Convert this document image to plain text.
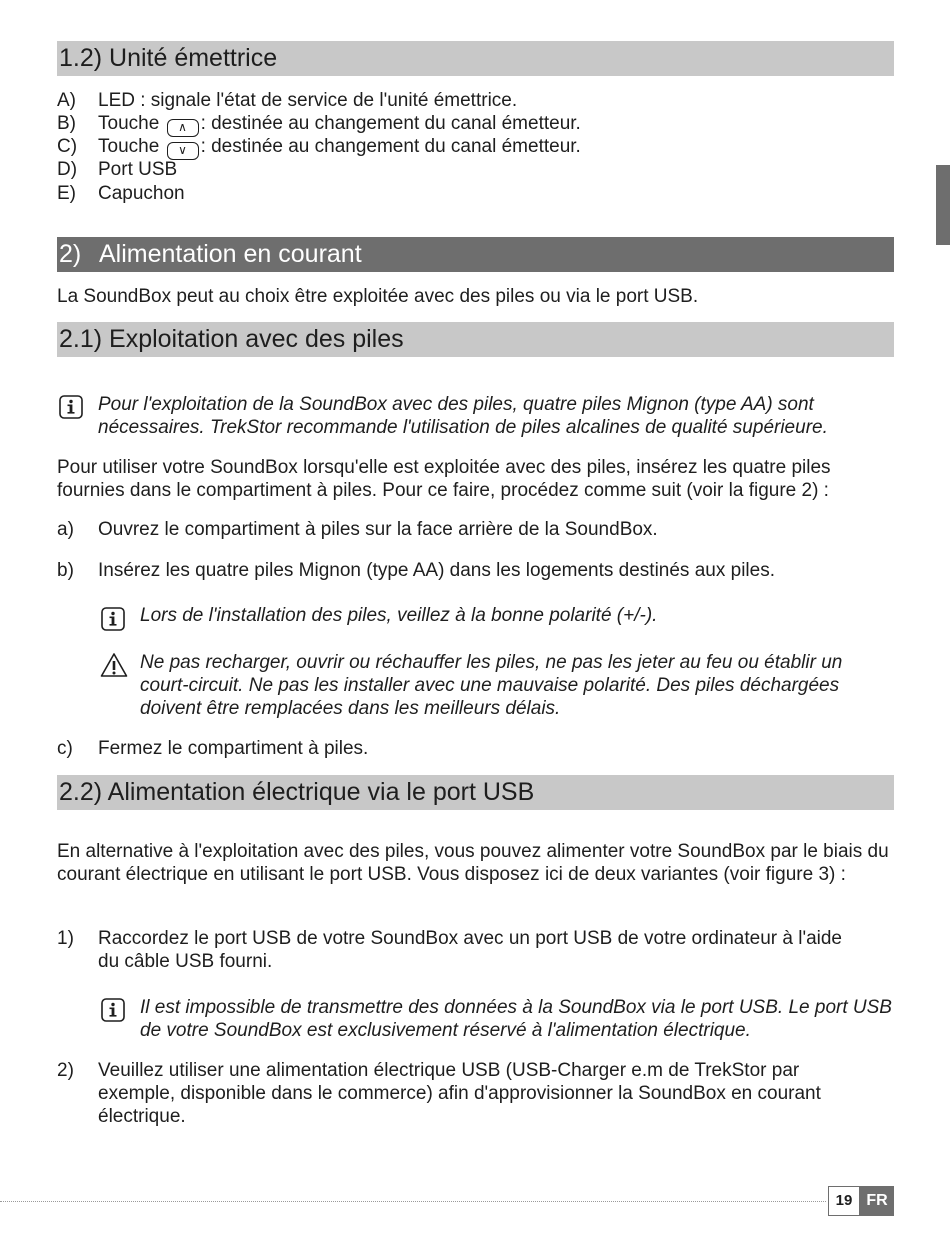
1.2) Unité émettrice
A) LED : signale l'état de service de l'unité émettrice.
B) Touche ∧ : destinée au changement du canal émetteur.
C) Touche ∨ : destinée au changement du canal émetteur.
D) Port USB
E) Capuchon
2) Alimentation en courant
La SoundBox peut au choix être exploitée avec des piles ou via le port USB.
2.1) Exploitation avec des piles
Pour l'exploitation de la SoundBox avec des piles, quatre piles Mignon (type AA) sont nécessaires. TrekStor recommande l'utilisation de piles alcalines de qualité supérieure.
Pour utiliser votre SoundBox lorsqu'elle est exploitée avec des piles, insérez les quatre piles fournies dans le compartiment à piles. Pour ce faire, procédez comme suit (voir la figure 2) :
a) Ouvrez le compartiment à piles sur la face arrière de la SoundBox.
b) Insérez les quatre piles Mignon (type AA) dans les logements destinés aux piles.
Lors de l'installation des piles, veillez à la bonne polarité (+/-).
Ne pas recharger, ouvrir ou réchauffer les piles, ne pas les jeter au feu ou établir un court-circuit. Ne pas les installer avec une mauvaise polarité. Des piles déchargées doivent être remplacées dans les meilleurs délais.
c) Fermez le compartiment à piles.
2.2) Alimentation électrique via le port USB
En alternative à l'exploitation avec des piles, vous pouvez alimenter votre SoundBox par le biais du courant électrique en utilisant le port USB. Vous disposez ici de deux variantes (voir figure 3) :
1) Raccordez le port USB de votre SoundBox avec un port USB de votre ordinateur à l'aide du câble USB fourni.
Il est impossible de transmettre des données à la SoundBox via le port USB. Le port USB de votre SoundBox est exclusivement réservé à l'alimentation électrique.
2) Veuillez utiliser une alimentation électrique USB (USB-Charger e.m de TrekStor par exemple, disponible dans le commerce) afin d'approvisionner la SoundBox en courant électrique.
19 FR
